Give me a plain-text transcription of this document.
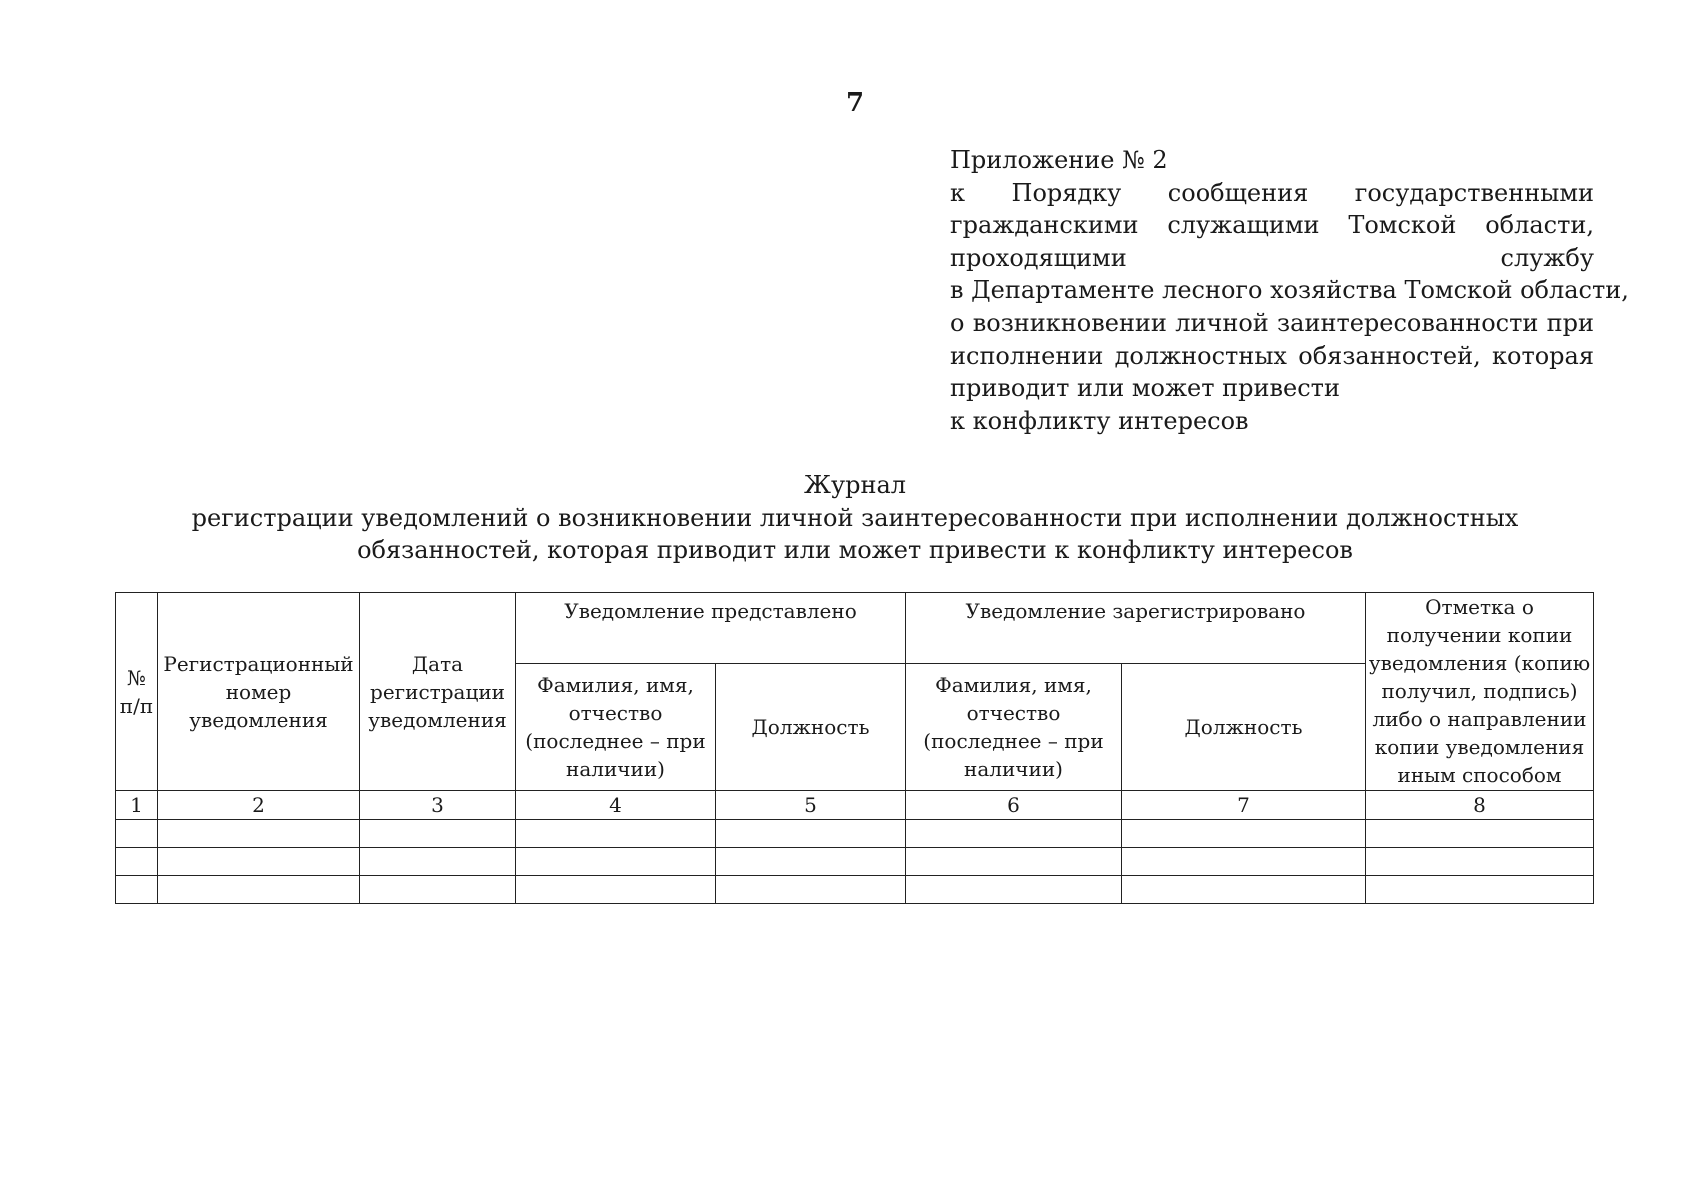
7
Приложение № 2
к Порядку сообщения государственными
гражданскими служащими Томской области,
проходящими службу
в Департаменте лесного хозяйства Томской области,
о возникновении личной заинтересованности при
исполнении должностных обязанностей, которая
приводит или может привести
к конфликту интересов
Журнал
регистрации уведомлений о возникновении личной заинтересованности при исполнении должностных
обязанностей, которая приводит или может привести к конфликту интересов
№ п/п	Регистрационный номер уведомления	Дата регистрации уведомления	Уведомление представлено		Уведомление зарегистрировано		Отметка о получении копии уведомления (копию получил, подпись) либо о направлении копии уведомления иным способом
			Фамилия, имя, отчество (последнее – при наличии)	Должность	Фамилия, имя, отчество (последнее – при наличии)	Должность	
1	2	3	4	5	6	7	8
